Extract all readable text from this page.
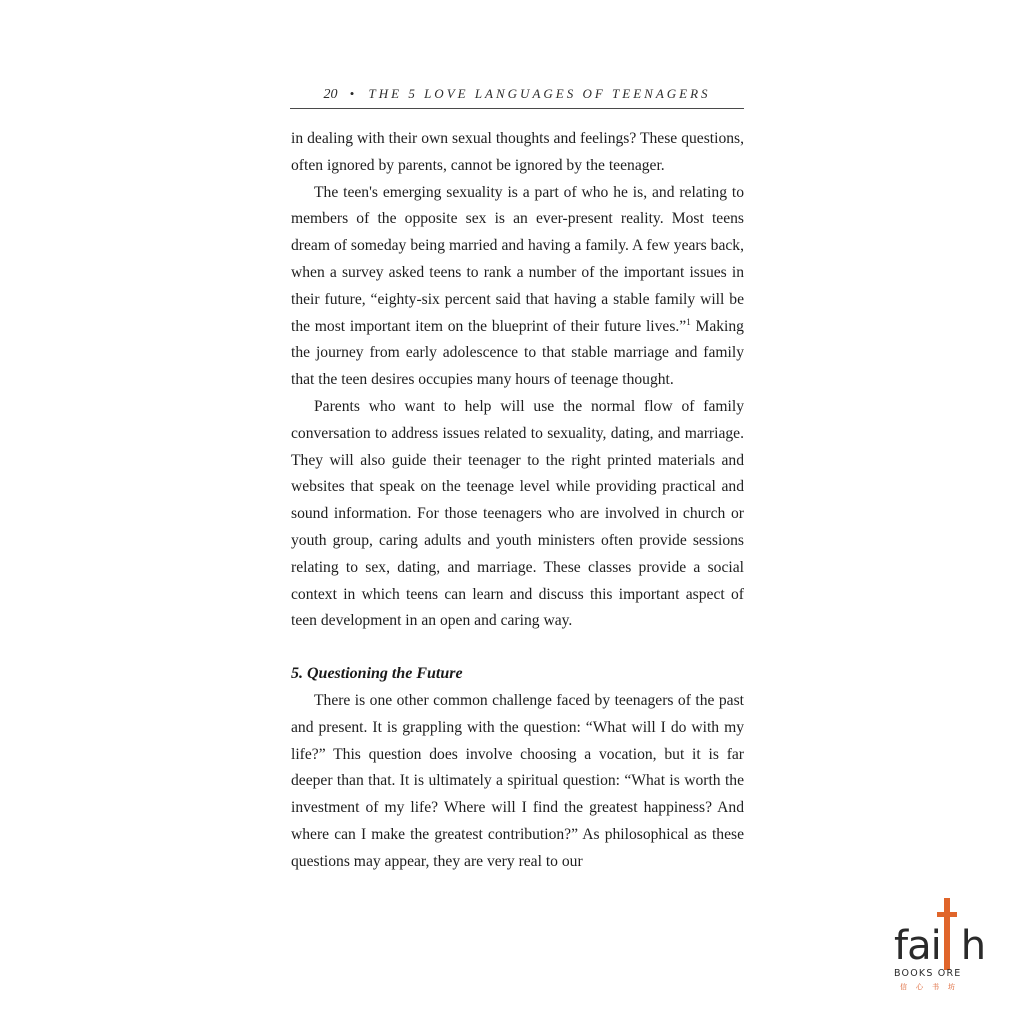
20 • THE 5 LOVE LANGUAGES OF TEENAGERS

in dealing with their own sexual thoughts and feelings? These questions, often ignored by parents, cannot be ignored by the teenager.

The teen's emerging sexuality is a part of who he is, and relating to members of the opposite sex is an ever-present reality. Most teens dream of someday being married and having a family. A few years back, when a survey asked teens to rank a number of the important issues in their future, “eighty-six percent said that having a stable family will be the most important item on the blueprint of their future lives.”$^1$ Making the journey from early adolescence to that stable marriage and family that the teen desires occupies many hours of teenage thought.

Parents who want to help will use the normal flow of family conversation to address issues related to sexuality, dating, and marriage. They will also guide their teenager to the right printed materials and websites that speak on the teenage level while providing practical and sound information. For those teenagers who are involved in church or youth group, caring adults and youth ministers often provide sessions relating to sex, dating, and marriage. These classes provide a social context in which teens can learn and discuss this important aspect of teen development in an open and caring way.

5. Questioning the Future

There is one other common challenge faced by teenagers of the past and present. It is grappling with the question: “What will I do with my life?” This question does involve choosing a vocation, but it is far deeper than that. It is ultimately a spiritual question: “What is worth the investment of my life? Where will I find the greatest happiness? And where can I make the greatest contribution?” As philosophical as these questions may appear, they are very real to our

fai h
BOOKS ORE
信心书坊
